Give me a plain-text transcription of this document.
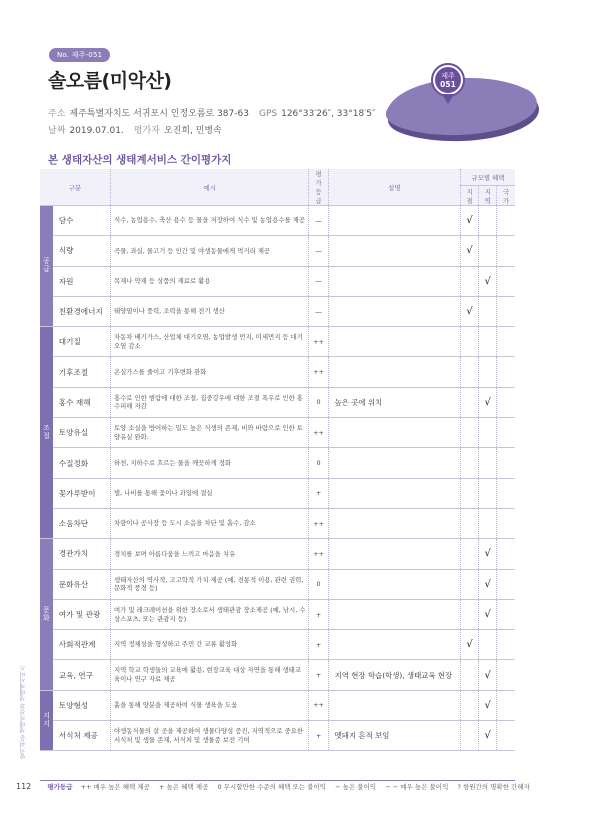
No. 제주-051
솔오름(미악산)
주소 제주특별자치도 서귀포시 인정오름로 387-63 GPS 126°33′26″, 33°18′5″
날짜 2019.07.01. 평가자 오진희, 민병속
제주
051
본 생태자산의 생태계서비스 간이평가지
구분		예시	평가
등급	설명	규모별 혜택		
					지점	지역	국가
공급	담수	식수, 농업용수, 축산 용수 등 물을 저장하여 식수 및 농업용수를 제공	―		√		
	식량	곡물, 과실, 물고기 등 인간 및 야생동물에게 먹거리 제공	―		√		
	자원	목재나 약재 등 상품의 재료로 활용	―			√	
	친환경에너지	태양열이나 풍력, 조력을 통해 전기 생산	―		√		
조절	대기질	자동차 배기가스, 산업체 대기오염, 농업발생 먼지, 미세먼지 등 대기오염 감소	++				
	기후조절	온실가스를 줄이고 기후변화 완화	++				
	홍수 재해	홍수로 인한 범람에 대한 조절, 집중강우에 대한 조절 폭우로 인한 홍수피해 저감	0	높은 곳에 위치		√	
	토양유실	토양 소실을 방어하는 밀도 높은 식생의 존재, 비와 바람으로 인한 토양유실 완화.	++				
	수질정화	하천, 지하수로 흐르는 물을 깨끗하게 정화	0				
	꽃가루받이	벌, 나비를 통해 꽃이나 과일에 결실	+				
	소음차단	차량이나 공사장 등 도시 소음을 차단 및 흡수, 감소	++				
문화	경관가치	경치를 보며 아름다움을 느끼고 마음을 치유	++			√	
	문화유산	생태자산의 역사적, 고고학적 가치 제공 (예, 전통적 이용, 관련 권력, 문화적 풍경 등)	0			√	
	여가 및 관광	여가 및 레크레이션을 위한 장소로서 생태관광 장소제공 (예, 낚시, 수상스포츠, 또는 관광지 등)	+			√	
	사회적관계	지역 정체성을 형성하고 주민 간 교류 활성화	+		√		
	교육, 연구	지역 학교 학생들의 교육에 활용, 현장교육 대상 자연을 통해 생태교육이나 연구 자료 제공	+	지역 현장 학습(학생), 생태교육 현장		√	
지지	토양형성	흙을 통해 양분을 제공하여 식물 생육을 도움	++			√	
	서식처 제공	야생동식물의 살 곳을 제공하여 생물다양성 증진, 지역적으로 중요한 서식처 및 생물 존재, 서식처 및 생물종 보전 기여	+	멧돼지 흔적 보임		√	
알기쉬운 생태자산과 생태계서비스
112 평가등급 ++ 매우 높은 혜택 제공 + 높은 혜택 제공 0 무시할만한 수준의 혜택 또는 불이익 − 높은 불이익 − − 매우 높은 불이익 ? 항원간의 명확한 간해자
